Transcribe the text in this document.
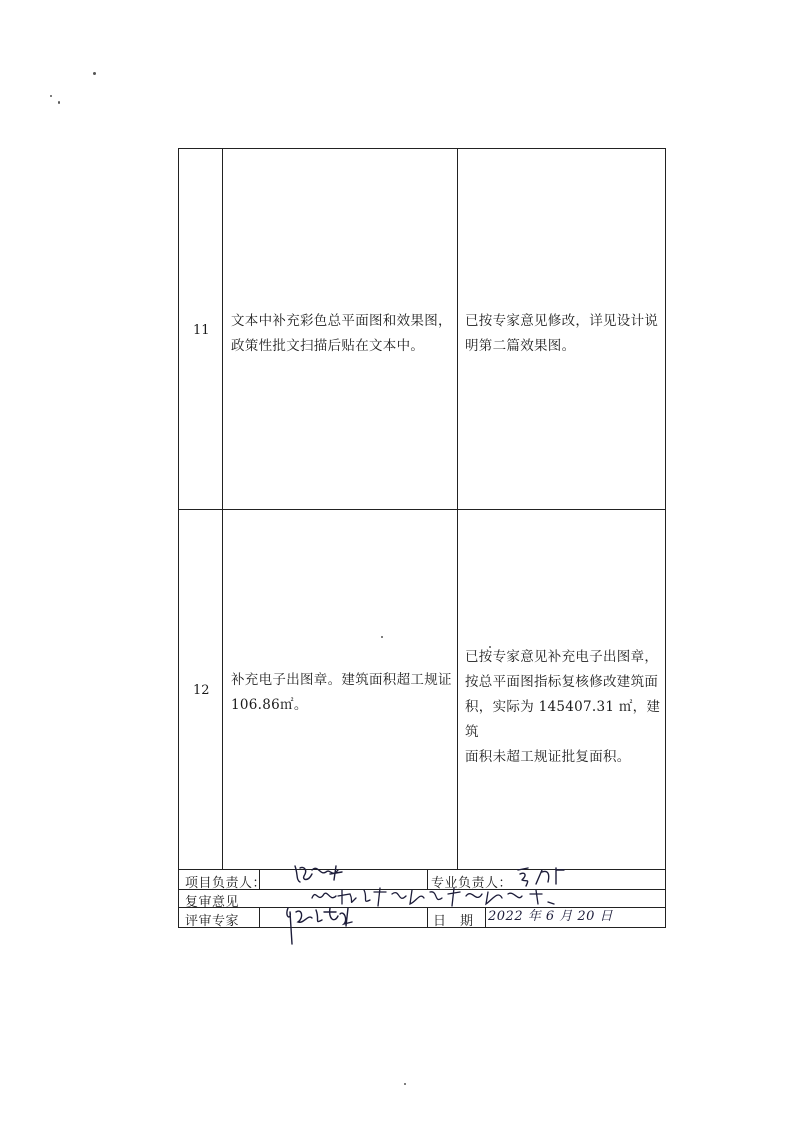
11
文本中补充彩色总平面图和效果图，
政策性批文扫描后贴在文本中。
已按专家意见修改，详见设计说
明第二篇效果图。
12
补充电子出图章。建筑面积超工规证
106.86㎡。
已按专家意见补充电子出图章，
按总平面图指标复核修改建筑面
积，实际为 145407.31 ㎡，建筑
面积未超工规证批复面积。
项目负责人：	专业负责人：
复审意见
评审专家	日　期 2022 年 6 月 20 日
